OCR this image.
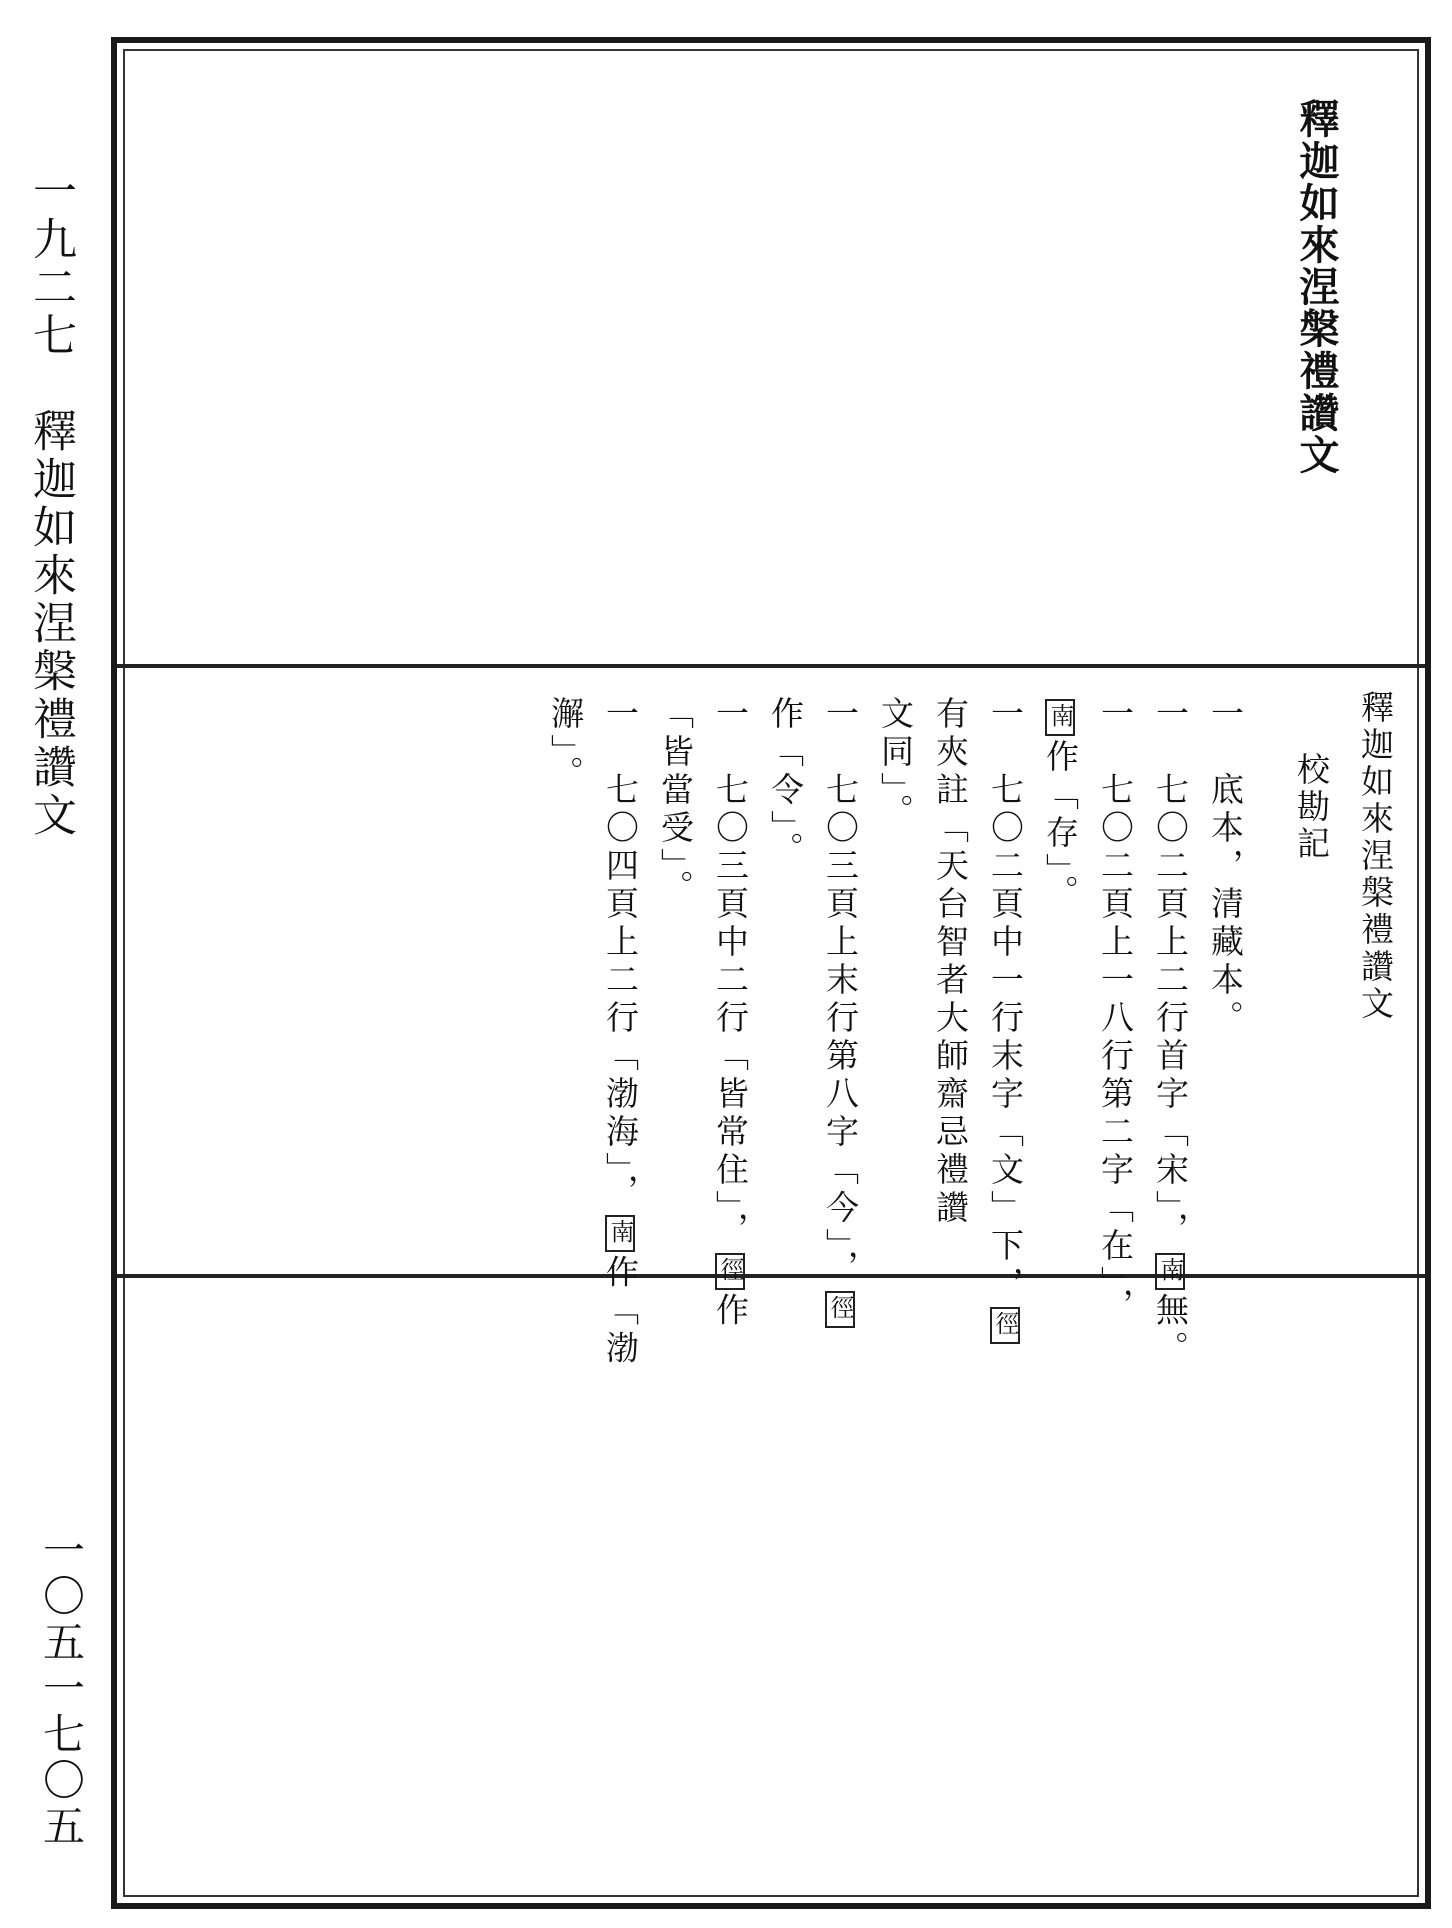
一九二七　釋迦如來涅槃禮讚文
一〇五一七〇五
釋迦如來涅槃禮讚文
釋迦如來涅槃禮讚文
校勘記
一　底本，清藏本。
一　七〇二頁上二行首字「宋」，南無。
一　七〇二頁上一八行第二字「在」，
南作「存」。
一　七〇二頁中一行末字「文」下，徑
有夾註「天台智者大師齋忌禮讚
文同」。
一　七〇三頁上末行第八字「今」，徑
作「令」。
一　七〇三頁中二行「皆常住」，徑作
「皆當受」。
一　七〇四頁上二行「渤海」，南作「渤
澥」。
